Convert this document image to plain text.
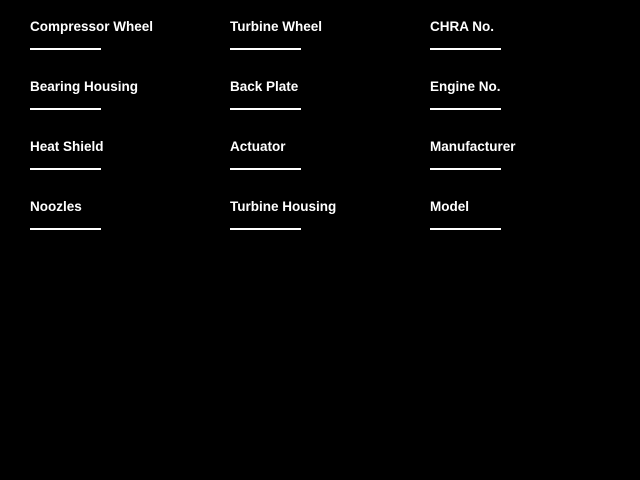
Compressor Wheel	Turbine Wheel	CHRA No.
Bearing Housing	Back Plate	Engine No.
Heat Shield	Actuator	Manufacturer
Noozles	Turbine Housing	Model
